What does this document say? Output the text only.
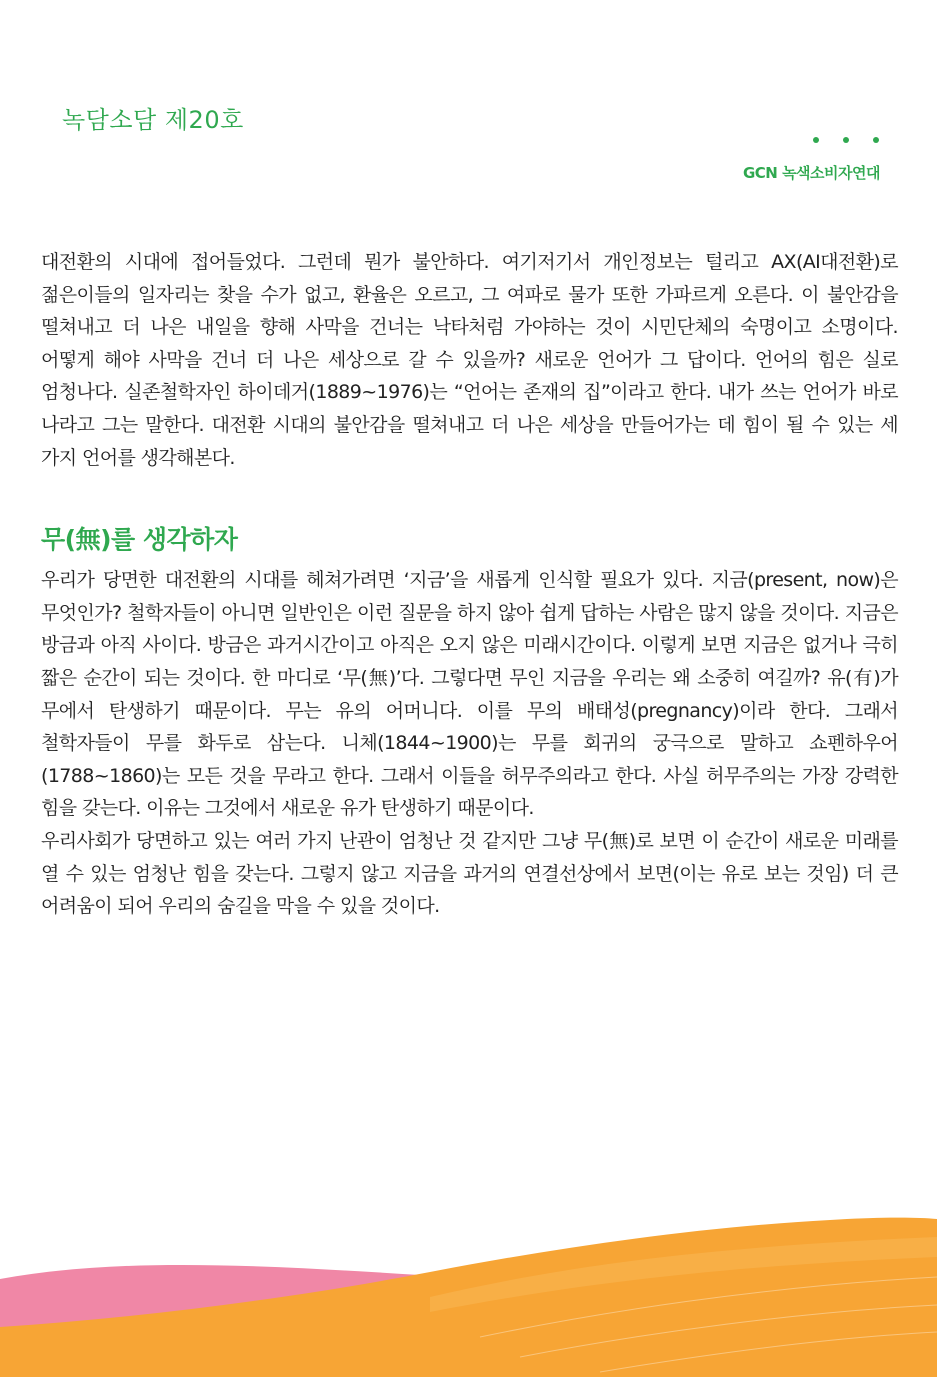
녹담소담 제20호
GCN 녹색소비자연대

대전환의 시대에 접어들었다. 그런데 뭔가 불안하다. 여기저기서 개인정보는 털리고 AX(AI대전환)로 젊은이들의 일자리는 찾을 수가 없고, 환율은 오르고, 그 여파로 물가 또한 가파르게 오른다. 이 불안감을 떨쳐내고 더 나은 내일을 향해 사막을 건너는 낙타처럼 가야하는 것이 시민단체의 숙명이고 소명이다. 어떻게 해야 사막을 건너 더 나은 세상으로 갈 수 있을까? 새로운 언어가 그 답이다. 언어의 힘은 실로 엄청나다. 실존철학자인 하이데거(1889~1976)는 “언어는 존재의 집”이라고 한다. 내가 쓰는 언어가 바로 나라고 그는 말한다. 대전환 시대의 불안감을 떨쳐내고 더 나은 세상을 만들어가는 데 힘이 될 수 있는 세 가지 언어를 생각해본다.

무(無)를 생각하자

우리가 당면한 대전환의 시대를 헤쳐가려면 ‘지금’을 새롭게 인식할 필요가 있다. 지금(present, now)은 무엇인가? 철학자들이 아니면 일반인은 이런 질문을 하지 않아 쉽게 답하는 사람은 많지 않을 것이다. 지금은 방금과 아직 사이다. 방금은 과거시간이고 아직은 오지 않은 미래시간이다. 이렇게 보면 지금은 없거나 극히 짧은 순간이 되는 것이다. 한 마디로 ‘무(無)’다. 그렇다면 무인 지금을 우리는 왜 소중히 여길까? 유(有)가 무에서 탄생하기 때문이다. 무는 유의 어머니다. 이를 무의 배태성(pregnancy)이라 한다. 그래서 철학자들이 무를 화두로 삼는다. 니체(1844~1900)는 무를 회귀의 궁극으로 말하고 쇼펜하우어(1788~1860)는 모든 것을 무라고 한다. 그래서 이들을 허무주의라고 한다. 사실 허무주의는 가장 강력한 힘을 갖는다. 이유는 그것에서 새로운 유가 탄생하기 때문이다.

우리사회가 당면하고 있는 여러 가지 난관이 엄청난 것 같지만 그냥 무(無)로 보면 이 순간이 새로운 미래를 열 수 있는 엄청난 힘을 갖는다. 그렇지 않고 지금을 과거의 연결선상에서 보면(이는 유로 보는 것임) 더 큰 어려움이 되어 우리의 숨길을 막을 수 있을 것이다.
